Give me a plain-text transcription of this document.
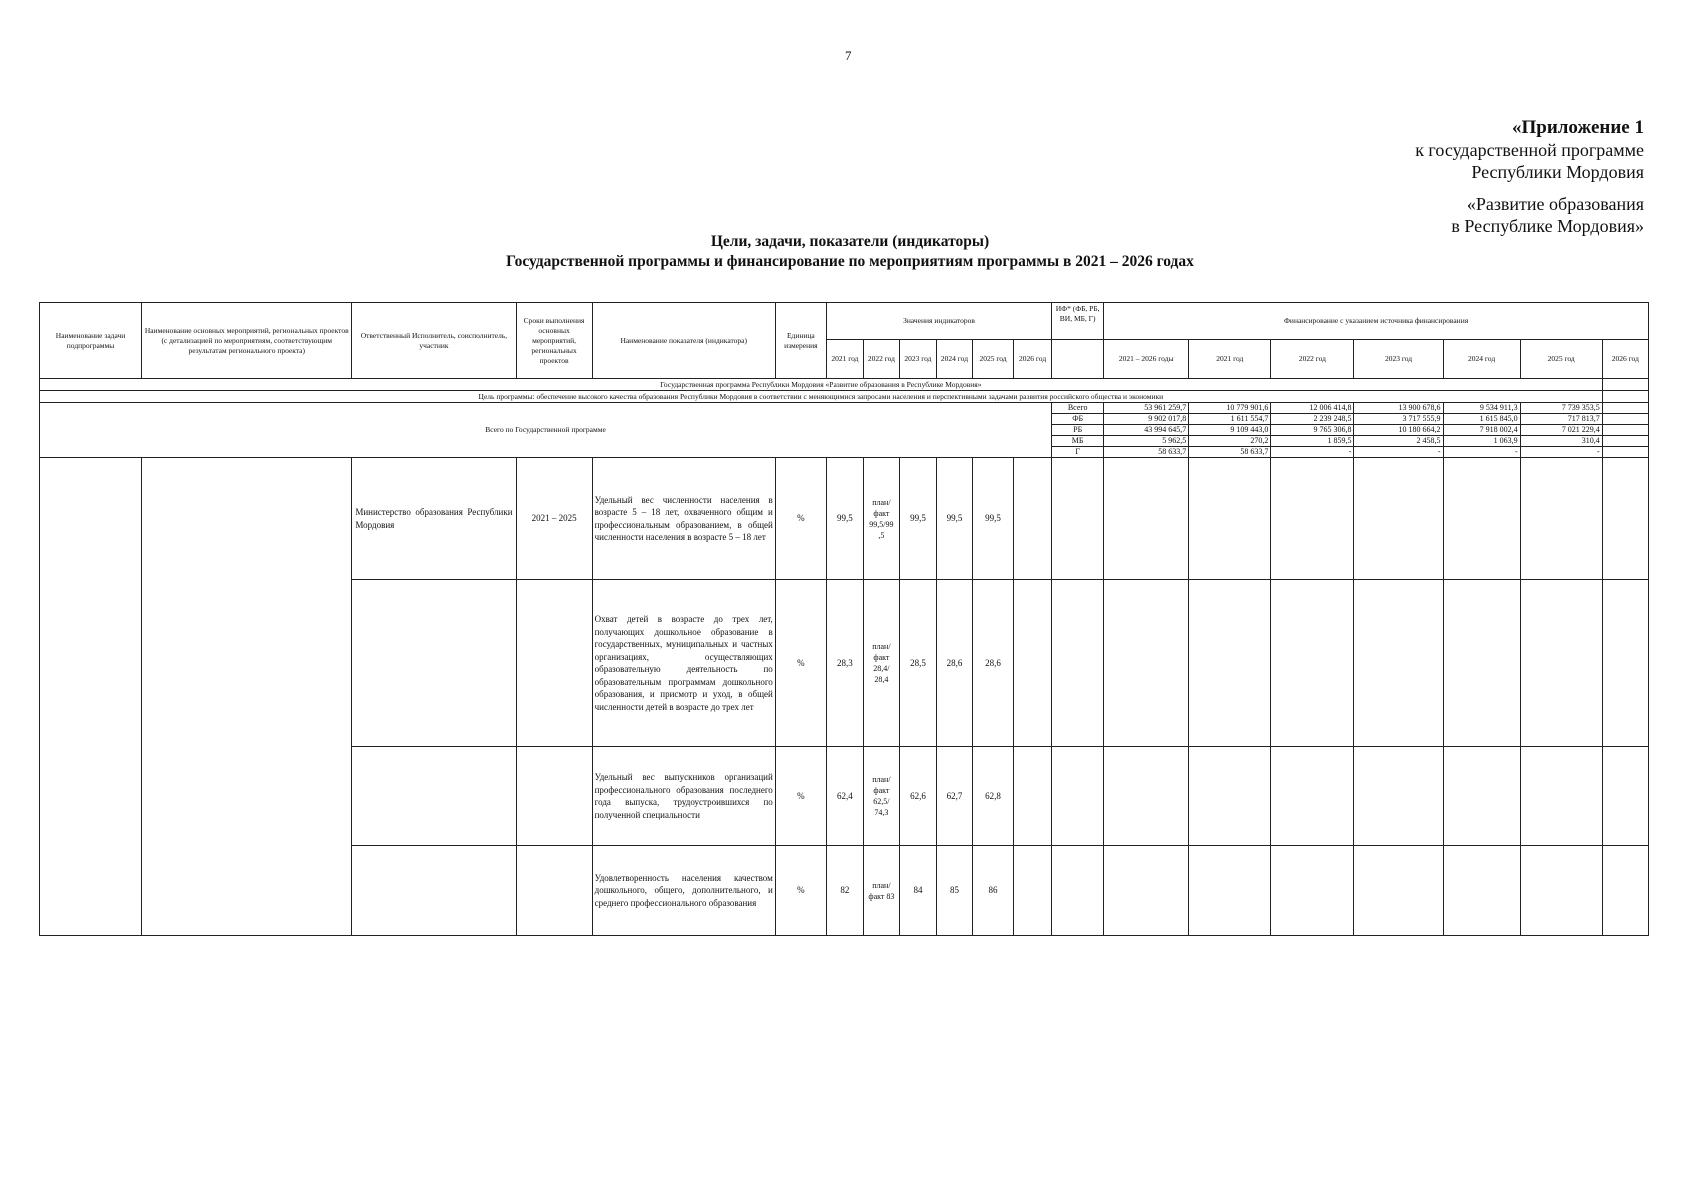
7
«Приложение 1
к государственной программе
Республики Мордовия
«Развитие образования
в Республике Мордовия»
Цели, задачи, показатели (индикаторы)
Государственной программы и финансирование по мероприятиям программы в 2021 – 2026 годах
Наименование задачи подпрограммы	Наименование основных мероприятий, региональных проектов (с детализацией по мероприятиям, соответствующим результатам регионального проекта)	Ответственный Исполнитель, соисполнитель, участник	Сроки выполнения основных мероприятий, региональных проектов	Наименование показателя (индикатора)	Единица измерения	Значения индикаторов						ИФ* (ФБ, РБ, ВИ, МБ, Г)	Финансирование с указанием источника финансирования						
						2021 год	2022 год	2023 год	2024 год	2025 год	2026 год		2021 – 2026 годы	2021 год	2022 год	2023 год	2024 год	2025 год	2026 год
Государственная программа Республики Мордовия «Развитие образования в Республике Мордовия»																			
Цель программы: обеспечение высокого качества образования Республики Мордовия в соответствии с меняющимися запросами населения и перспективными задачами развития российского общества и экономики																			
Всего по Государственной программе												Всего	53 961 259,7	10 779 901,6	12 006 414,8	13 900 678,6	9 534 911,3	7 739 353,5	
												ФБ	9 902 017,8	1 611 554,7	2 239 248,5	3 717 555,9	1 615 845,0	717 813,7	
												РБ	43 994 645,7	9 109 443,0	9 765 306,8	10 180 664,2	7 918 002,4	7 021 229,4	
												МБ	5 962,5	270,2	1 859,5	2 458,5	1 063,9	310,4	
												Г	58 633,7	58 633,7	-	-	-	-	
		Министерство образования Республики Мордовия	2021 – 2025	Удельный вес численности населения в возрасте 5 – 18 лет, охваченного общим и профессиональным образованием, в общей численности населения в возрасте 5 – 18 лет	%	99,5	план/ факт 99,5/99 ,5	99,5	99,5	99,5									
				Охват детей в возрасте до трех лет, получающих дошкольное образование в государственных, муниципальных и частных организациях, осуществляющих образовательную деятельность по образовательным программам дошкольного образования, и присмотр и уход, в общей численности детей в возрасте до трех лет	%	28,3	план/ факт 28,4/ 28,4	28,5	28,6	28,6									
				Удельный вес выпускников организаций профессионального образования последнего года выпуска, трудоустроившихся по полученной специальности	%	62,4	план/ факт 62,5/ 74,3	62,6	62,7	62,8									
				Удовлетворенность населения качеством дошкольного, общего, дополнительного, и среднего профессионального образования	%	82	план/ факт 83	84	85	86									
